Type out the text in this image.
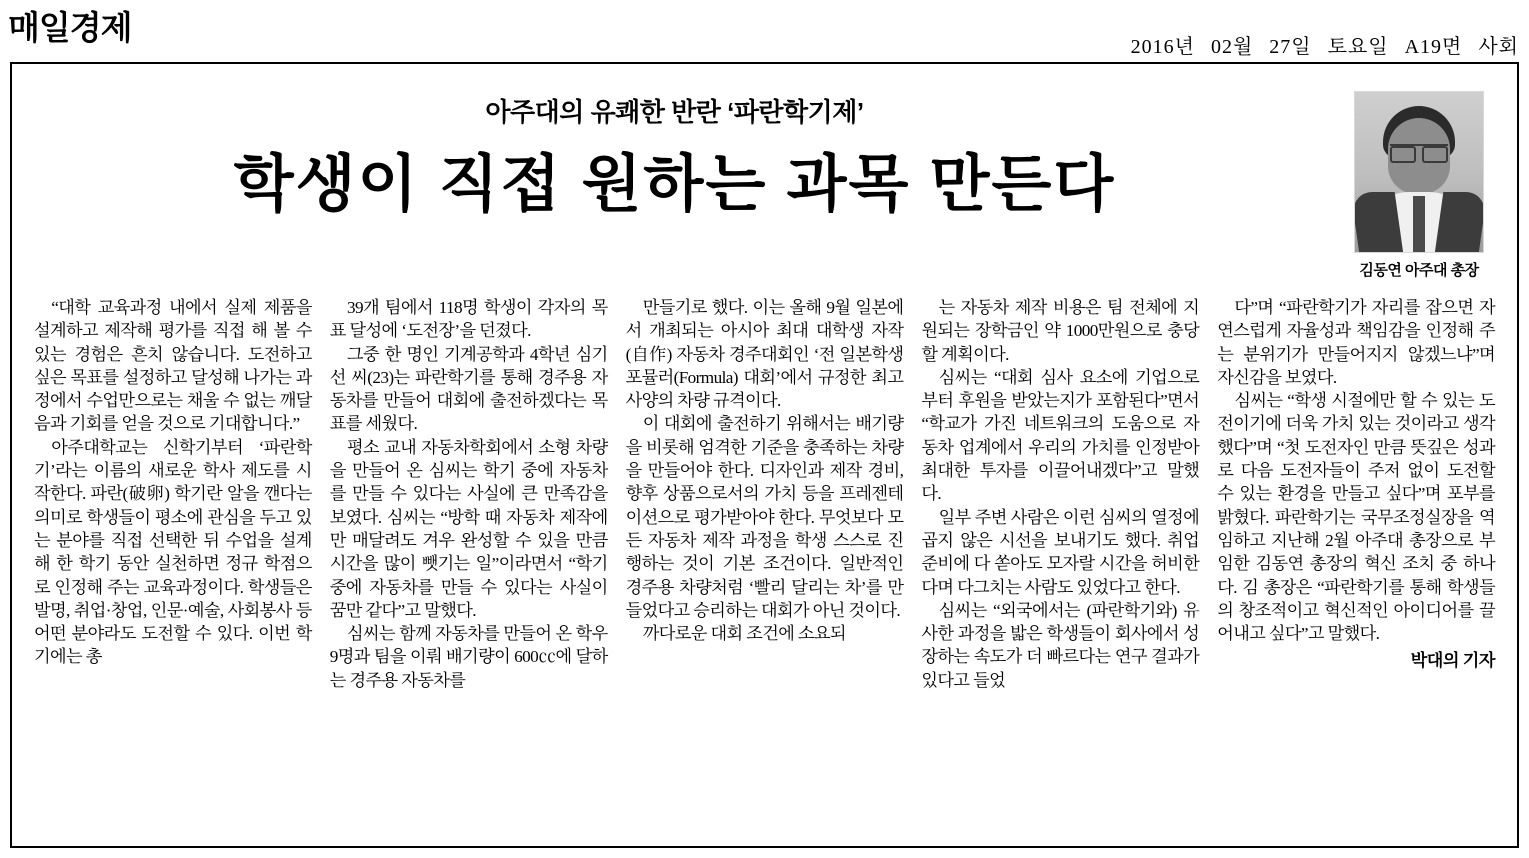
매일경제
2016년 02월 27일 토요일 A19면 사회
아주대의 유쾌한 반란 ‘파란학기제’
학생이 직접 원하는 과목 만든다
김동연 아주대 총장

“대학 교육과정 내에서 실제 제품을 설계하고 제작해 평가를 직접 해 볼 수 있는 경험은 흔치 않습니다. 도전하고 싶은 목표를 설정하고 달성해 나가는 과정에서 수업만으로는 채울 수 없는 깨달음과 기회를 얻을 것으로 기대합니다.”

아주대학교는 신학기부터 ‘파란학기’라는 이름의 새로운 학사 제도를 시작한다. 파란(破卵) 학기란 알을 깬다는 의미로 학생들이 평소에 관심을 두고 있는 분야를 직접 선택한 뒤 수업을 설계해 한 학기 동안 실천하면 정규 학점으로 인정해 주는 교육과정이다. 학생들은 발명, 취업·창업, 인문·예술, 사회봉사 등 어떤 분야라도 도전할 수 있다. 이번 학기에는 총

39개 팀에서 118명 학생이 각자의 목표 달성에 ‘도전장’을 던졌다.

그중 한 명인 기계공학과 4학년 심기선 씨(23)는 파란학기를 통해 경주용 자동차를 만들어 대회에 출전하겠다는 목표를 세웠다.

평소 교내 자동차학회에서 소형 차량을 만들어 온 심씨는 학기 중에 자동차를 만들 수 있다는 사실에 큰 만족감을 보였다. 심씨는 “방학 때 자동차 제작에만 매달려도 겨우 완성할 수 있을 만큼 시간을 많이 뺏기는 일”이라면서 “학기 중에 자동차를 만들 수 있다는 사실이 꿈만 같다”고 말했다.

심씨는 함께 자동차를 만들어 온 학우 9명과 팀을 이뤄 배기량이 600㏄에 달하는 경주용 자동차를

만들기로 했다. 이는 올해 9월 일본에서 개최되는 아시아 최대 대학생 자작(自作) 자동차 경주대회인 ‘전 일본학생 포뮬러(Formula) 대회’에서 규정한 최고 사양의 차량 규격이다.

이 대회에 출전하기 위해서는 배기량을 비롯해 엄격한 기준을 충족하는 차량을 만들어야 한다. 디자인과 제작 경비, 향후 상품으로서의 가치 등을 프레젠테이션으로 평가받아야 한다. 무엇보다 모든 자동차 제작 과정을 학생 스스로 진행하는 것이 기본 조건이다. 일반적인 경주용 차량처럼 ‘빨리 달리는 차’를 만들었다고 승리하는 대회가 아닌 것이다.

까다로운 대회 조건에 소요되

는 자동차 제작 비용은 팀 전체에 지원되는 장학금인 약 1000만원으로 충당할 계획이다.

심씨는 “대회 심사 요소에 기업으로부터 후원을 받았는지가 포함된다”면서 “학교가 가진 네트워크의 도움으로 자동차 업계에서 우리의 가치를 인정받아 최대한 투자를 이끌어내겠다”고 말했다.

일부 주변 사람은 이런 심씨의 열정에 곱지 않은 시선을 보내기도 했다. 취업 준비에 다 쏟아도 모자랄 시간을 허비한다며 다그치는 사람도 있었다고 한다.

심씨는 “외국에서는 (파란학기와) 유사한 과정을 밟은 학생들이 회사에서 성장하는 속도가 더 빠르다는 연구 결과가 있다고 들었

다”며 “파란학기가 자리를 잡으면 자연스럽게 자율성과 책임감을 인정해 주는 분위기가 만들어지지 않겠느냐”며 자신감을 보였다.

심씨는 “학생 시절에만 할 수 있는 도전이기에 더욱 가치 있는 것이라고 생각했다”며 “첫 도전자인 만큼 뜻깊은 성과로 다음 도전자들이 주저 없이 도전할 수 있는 환경을 만들고 싶다”며 포부를 밝혔다. 파란학기는 국무조정실장을 역임하고 지난해 2월 아주대 총장으로 부임한 김동연 총장의 혁신 조치 중 하나다. 김 총장은 “파란학기를 통해 학생들의 창조적이고 혁신적인 아이디어를 끌어내고 싶다”고 말했다.

박대의 기자
